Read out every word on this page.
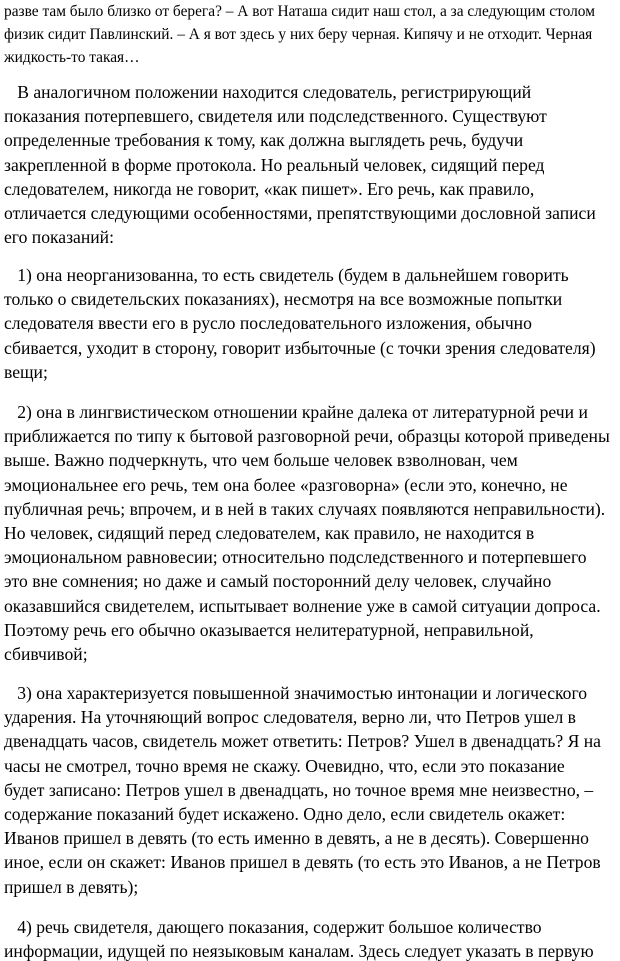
разве там было близко от берега? – А вот Наташа сидит наш стол, а за следующим столом
физик сидит Павлинский. – А я вот здесь у них беру черная. Кипячу и не отходит. Черная
жидкость-то такая…
В аналогичном положении находится следователь, регистрирующий
показания потерпевшего, свидетеля или подследственного. Существуют
определенные требования к тому, как должна выглядеть речь, будучи
закрепленной в форме протокола. Но реальный человек, сидящий перед
следователем, никогда не говорит, «как пишет». Его речь, как правило,
отличается следующими особенностями, препятствующими дословной записи
его показаний:
1) она неорганизованна, то есть свидетель (будем в дальнейшем говорить
только о свидетельских показаниях), несмотря на все возможные попытки
следователя ввести его в русло последовательного изложения, обычно
сбивается, уходит в сторону, говорит избыточные (с точки зрения следователя)
вещи;
2) она в лингвистическом отношении крайне далека от литературной речи и
приближается по типу к бытовой разговорной речи, образцы которой приведены
выше. Важно подчеркнуть, что чем больше человек взволнован, чем
эмоциональнее его речь, тем она более «разговорна» (если это, конечно, не
публичная речь; впрочем, и в ней в таких случаях появляются неправильности).
Но человек, сидящий перед следователем, как правило, не находится в
эмоциональном равновесии; относительно подследственного и потерпевшего
это вне сомнения; но даже и самый посторонний делу человек, случайно
оказавшийся свидетелем, испытывает волнение уже в самой ситуации допроса.
Поэтому речь его обычно оказывается нелитературной, неправильной,
сбивчивой;
3) она характеризуется повышенной значимостью интонации и логического
ударения. На уточняющий вопрос следователя, верно ли, что Петров ушел в
двенадцать часов, свидетель может ответить: Петров? Ушел в двенадцать? Я на
часы не смотрел, точно время не скажу. Очевидно, что, если это показание
будет записано: Петров ушел в двенадцать, но точное время мне неизвестно, –
содержание показаний будет искажено. Одно дело, если свидетель окажет:
Иванов пришел в девять (то есть именно в девять, а не в десять). Совершенно
иное, если он скажет: Иванов пришел в девять (то есть это Иванов, а не Петров
пришел в девять);
4) речь свидетеля, дающего показания, содержит большое количество
информации, идущей по неязыковым каналам. Здесь следует указать в первую
